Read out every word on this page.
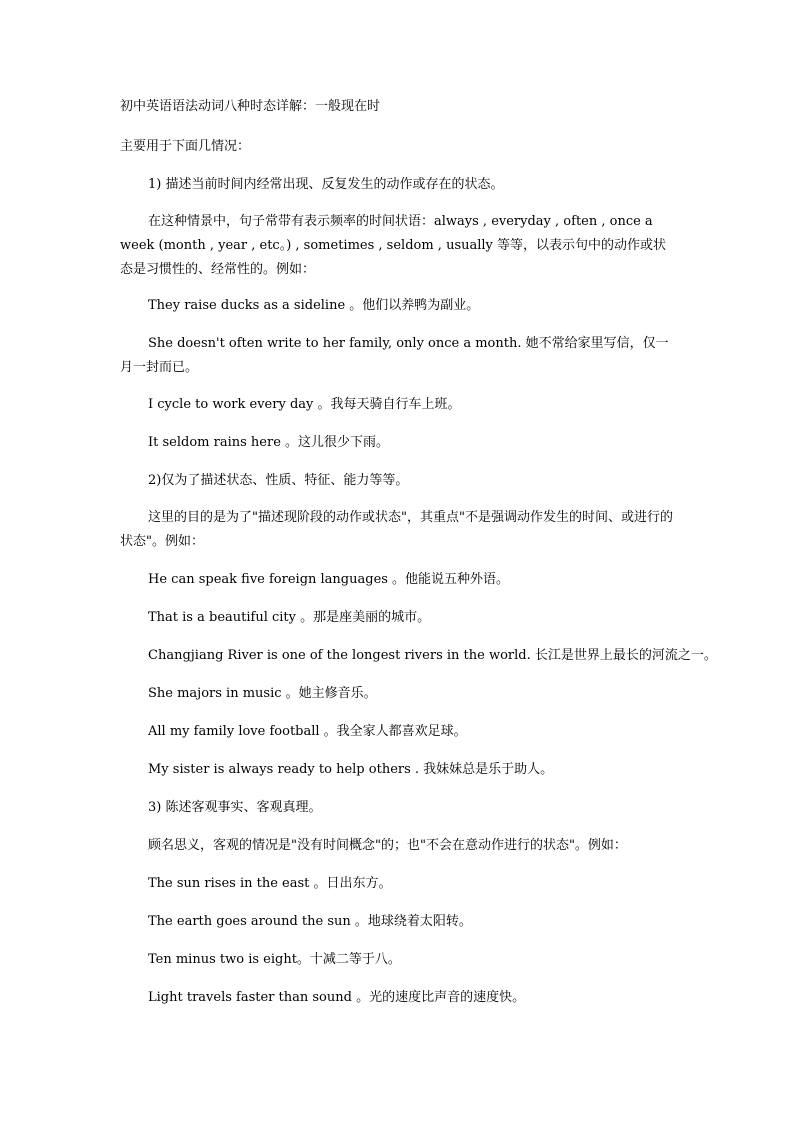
初中英语语法动词八种时态详解：一般现在时
主要用于下面几情况：
1) 描述当前时间内经常出现、反复发生的动作或存在的状态。
在这种情景中，句子常带有表示频率的时间状语：always , everyday , often , once a week (month , year , etc。) , sometimes , seldom , usually 等等，以表示句中的动作或状态是习惯性的、经常性的。例如：
They raise ducks as a sideline 。他们以养鸭为副业。
She doesn't often write to her family, only once a month. 她不常给家里写信，仅一月一封而已。
I cycle to work every day 。我每天骑自行车上班。
It seldom rains here 。这儿很少下雨。
2)仅为了描述状态、性质、特征、能力等等。
这里的目的是为了"描述现阶段的动作或状态"，其重点"不是强调动作发生的时间、或进行的状态"。例如：
He can speak five foreign languages 。他能说五种外语。
That is a beautiful city 。那是座美丽的城市。
Changjiang River is one of the longest rivers in the world. 长江是世界上最长的河流之一。
She majors in music 。她主修音乐。
All my family love football 。我全家人都喜欢足球。
My sister is always ready to help others . 我妹妹总是乐于助人。
3) 陈述客观事实、客观真理。
顾名思义，客观的情况是"没有时间概念"的；也"不会在意动作进行的状态"。例如：
The sun rises in the east 。日出东方。
The earth goes around the sun 。地球绕着太阳转。
Ten minus two is eight。十减二等于八。
Light travels faster than sound 。光的速度比声音的速度快。
